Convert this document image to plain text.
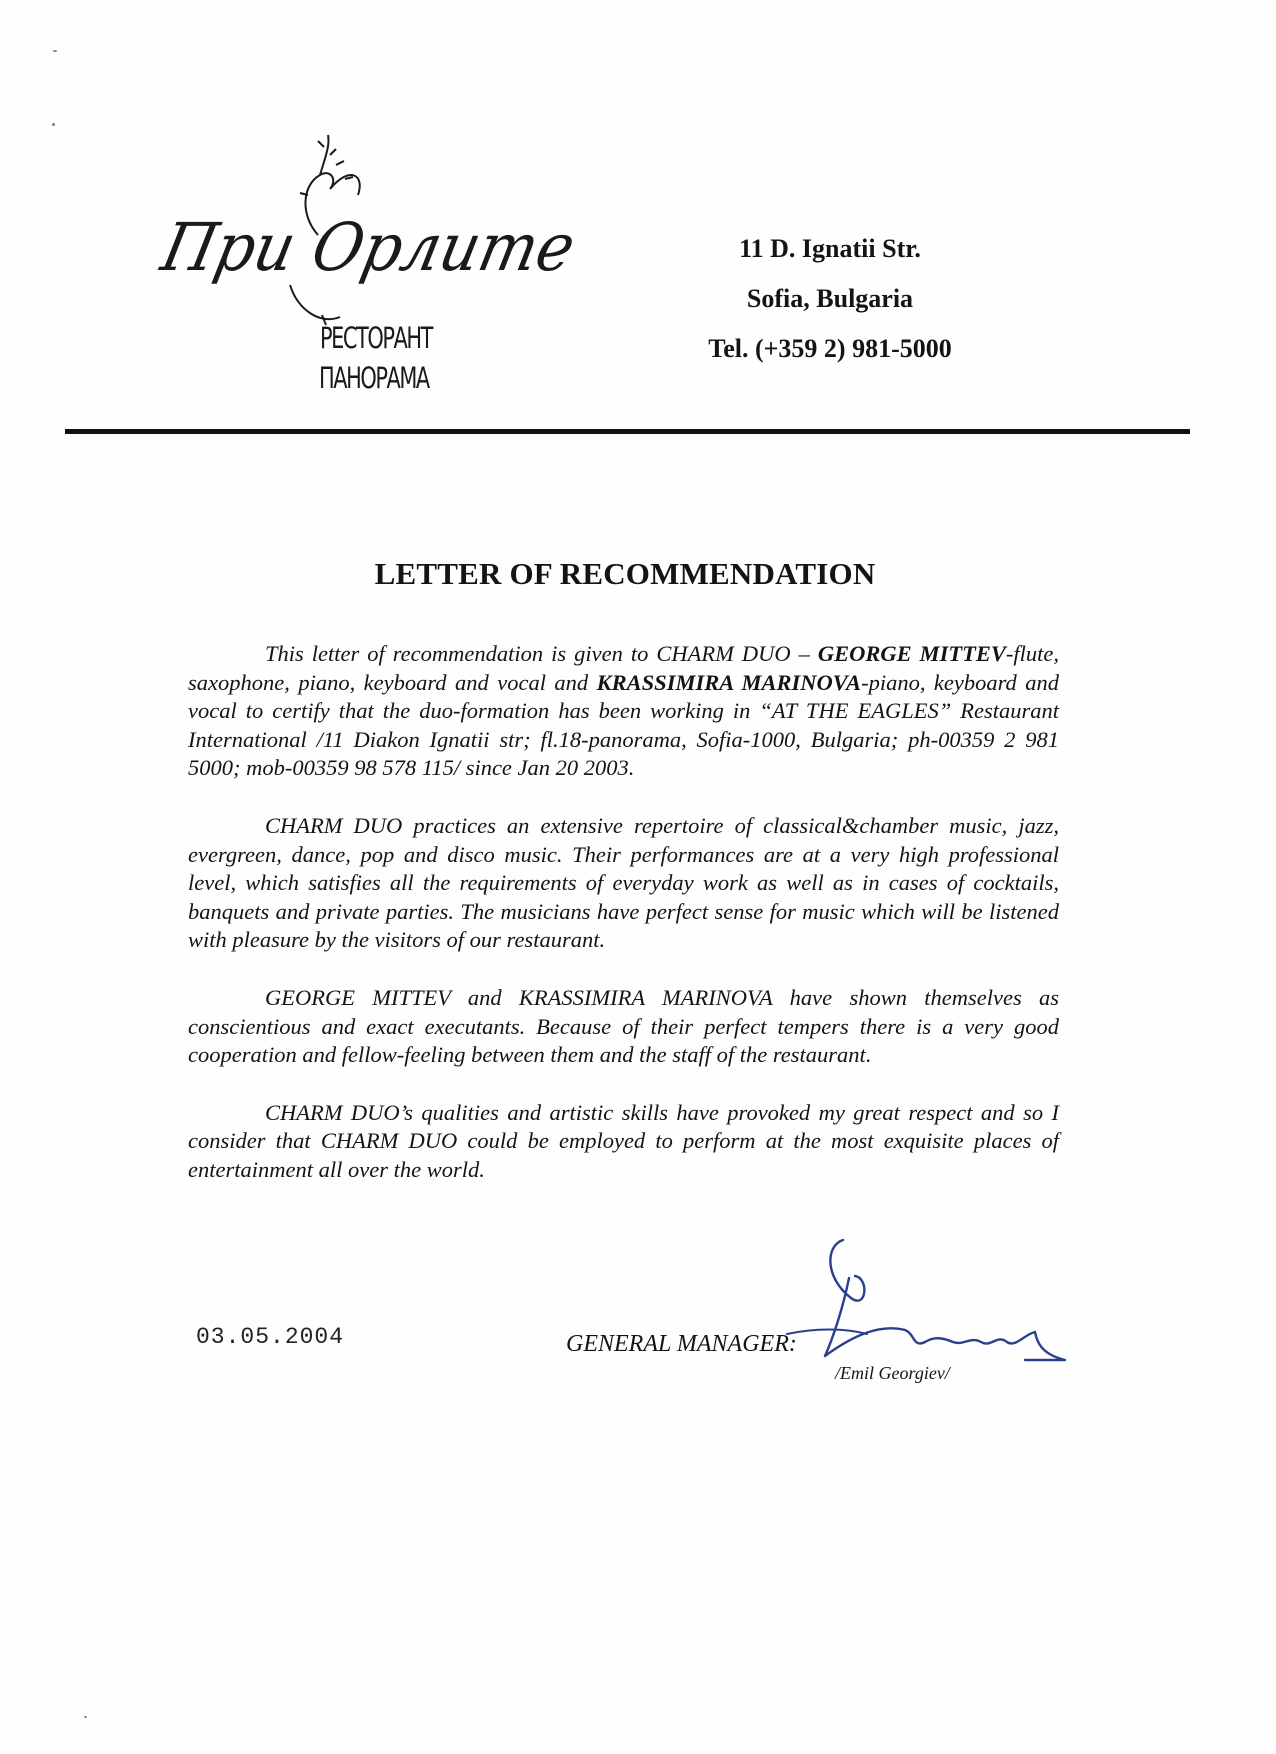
При Орлите
РЕСТОРАНТ
ПАНОРАМА
11 D. Ignatii Str.
Sofia, Bulgaria
Tel. (+359 2) 981-5000
LETTER OF RECOMMENDATION

This letter of recommendation is given to CHARM DUO – GEORGE MITTEV-flute, saxophone, piano, keyboard and vocal and KRASSIMIRA MARINOVA-piano, keyboard and vocal to certify that the duo-formation has been working in “AT THE EAGLES” Restaurant International /11 Diakon Ignatii str; fl.18-panorama, Sofia-1000, Bulgaria; ph-00359 2 981 5000; mob-00359 98 578 115/ since Jan 20 2003.

CHARM DUO practices an extensive repertoire of classical&chamber music, jazz, evergreen, dance, pop and disco music. Their performances are at a very high professional level, which satisfies all the requirements of everyday work as well as in cases of cocktails, banquets and private parties. The musicians have perfect sense for music which will be listened with pleasure by the visitors of our restaurant.

GEORGE MITTEV and KRASSIMIRA MARINOVA have shown themselves as conscientious and exact executants. Because of their perfect tempers there is a very good cooperation and fellow-feeling between them and the staff of the restaurant.

CHARM DUO’s qualities and artistic skills have provoked my great respect and so I consider that CHARM DUO could be employed to perform at the most exquisite places of entertainment all over the world.

03.05.2004	GENERAL MANAGER:
/Emil Georgiev/
